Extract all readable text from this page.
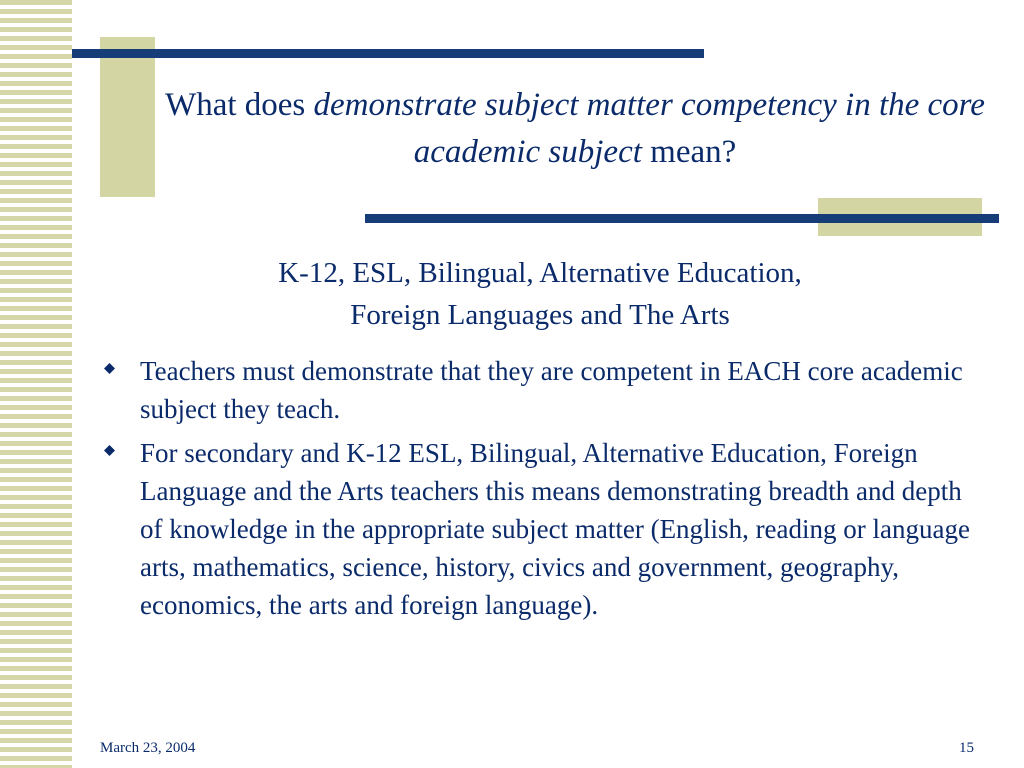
What does demonstrate subject matter competency in the core academic subject mean?
K-12, ESL, Bilingual, Alternative Education,
Foreign Languages and The Arts
Teachers must demonstrate that they are competent in EACH core academic subject they teach.
For secondary and K-12 ESL, Bilingual, Alternative Education, Foreign Language and the Arts teachers this means demonstrating breadth and depth of knowledge in the appropriate subject matter (English, reading or language arts, mathematics, science, history, civics and government, geography, economics, the arts and foreign language).
March 23, 2004	15
